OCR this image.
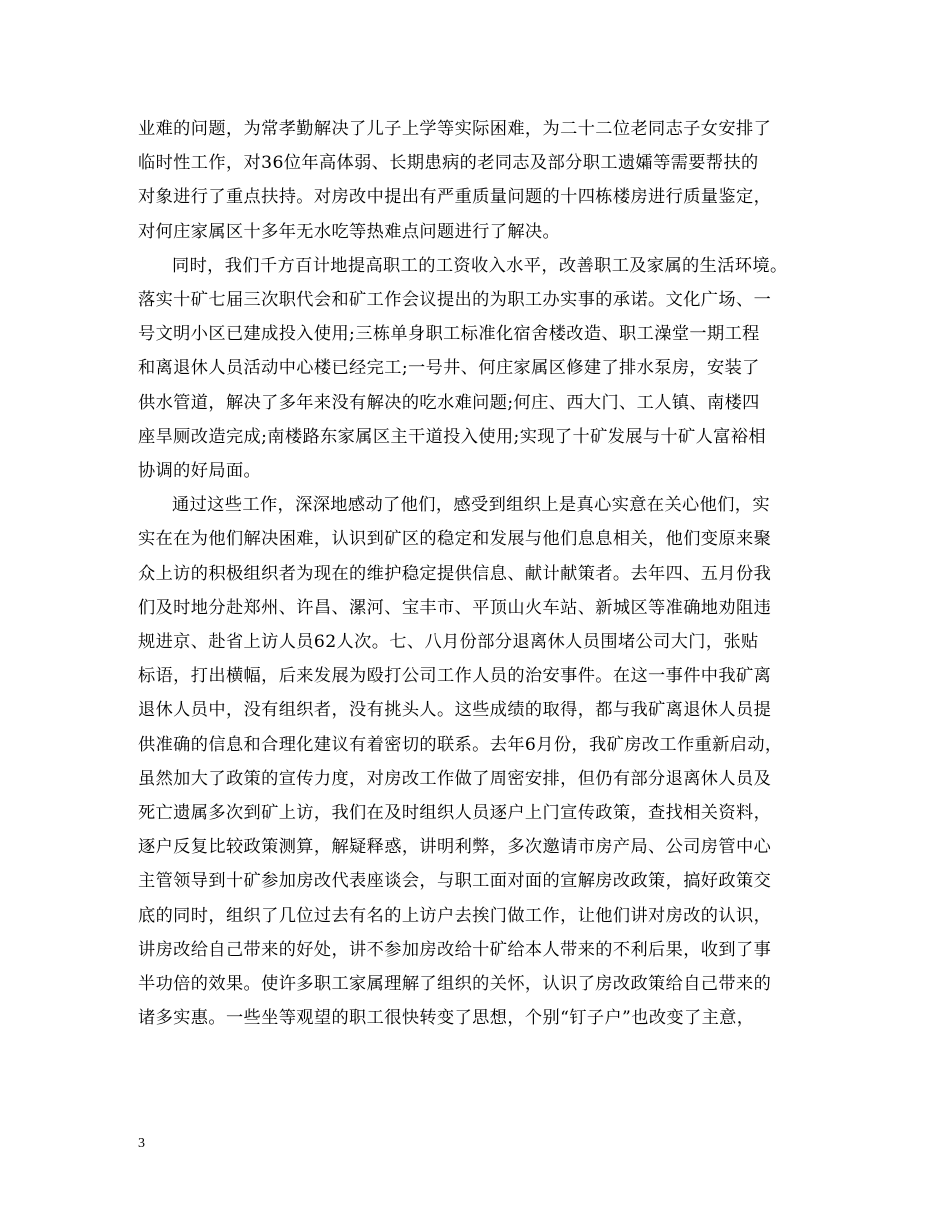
业难的问题，为常孝勤解决了儿子上学等实际困难，为二十二位老同志子女安排了
临时性工作，对36位年高体弱、长期患病的老同志及部分职工遗孀等需要帮扶的
对象进行了重点扶持。对房改中提出有严重质量问题的十四栋楼房进行质量鉴定，
对何庄家属区十多年无水吃等热难点问题进行了解决。

同时，我们千方百计地提高职工的工资收入水平，改善职工及家属的生活环境。
落实十矿七届三次职代会和矿工作会议提出的为职工办实事的承诺。文化广场、一
号文明小区已建成投入使用;三栋单身职工标准化宿舍楼改造、职工澡堂一期工程
和离退休人员活动中心楼已经完工;一号井、何庄家属区修建了排水泵房，安装了
供水管道，解决了多年来没有解决的吃水难问题;何庄、西大门、工人镇、南楼四
座旱厕改造完成;南楼路东家属区主干道投入使用;实现了十矿发展与十矿人富裕相
协调的好局面。

通过这些工作，深深地感动了他们，感受到组织上是真心实意在关心他们，实
实在在为他们解决困难，认识到矿区的稳定和发展与他们息息相关，他们变原来聚
众上访的积极组织者为现在的维护稳定提供信息、献计献策者。去年四、五月份我
们及时地分赴郑州、许昌、漯河、宝丰市、平顶山火车站、新城区等准确地劝阻违
规进京、赴省上访人员62人次。七、八月份部分退离休人员围堵公司大门，张贴
标语，打出横幅，后来发展为殴打公司工作人员的治安事件。在这一事件中我矿离
退休人员中，没有组织者，没有挑头人。这些成绩的取得，都与我矿离退休人员提
供准确的信息和合理化建议有着密切的联系。去年6月份，我矿房改工作重新启动，
虽然加大了政策的宣传力度，对房改工作做了周密安排，但仍有部分退离休人员及
死亡遗属多次到矿上访，我们在及时组织人员逐户上门宣传政策，查找相关资料，
逐户反复比较政策测算，解疑释惑，讲明利弊，多次邀请市房产局、公司房管中心
主管领导到十矿参加房改代表座谈会，与职工面对面的宣解房改政策，搞好政策交
底的同时，组织了几位过去有名的上访户去挨门做工作，让他们讲对房改的认识，
讲房改给自己带来的好处，讲不参加房改给十矿给本人带来的不利后果，收到了事
半功倍的效果。使许多职工家属理解了组织的关怀，认识了房改政策给自己带来的
诸多实惠。一些坐等观望的职工很快转变了思想，个别“钉子户”也改变了主意，

3
